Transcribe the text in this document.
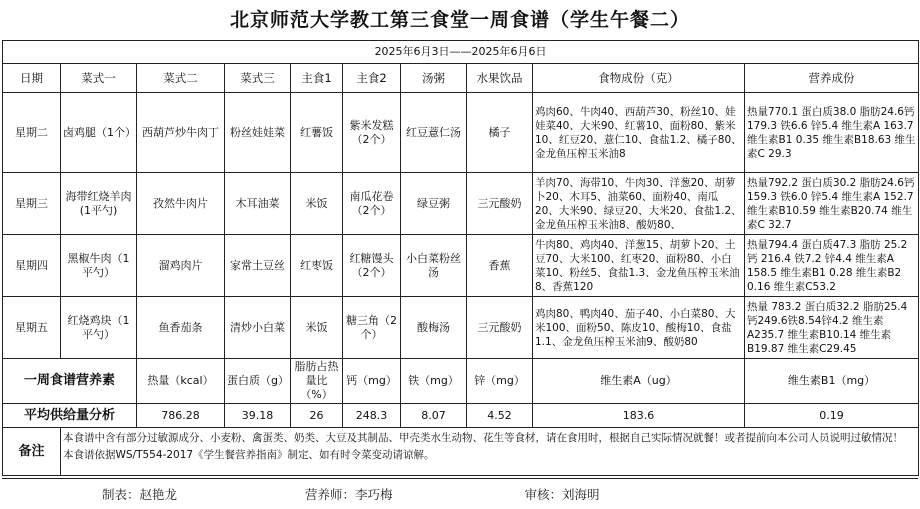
北京师范大学教工第三食堂一周食谱（学生午餐二）
2025年6月3日——2025年6月6日									
日期	菜式一	菜式二	菜式三	主食1	主食2	汤粥	水果饮品	食物成份（克）	营养成份
星期二	卤鸡腿（1个）	西葫芦炒牛肉丁	粉丝娃娃菜	红薯饭	紫米发糕（2个）	红豆薏仁汤	橘子	鸡肉60、牛肉40、西葫芦30、粉丝10、娃娃菜40、大米90、红薯10、面粉80、紫米10、红豆20、薏仁10、食盐1.2、橘子80、金龙鱼压榨玉米油8	热量770.1 蛋白质38.0 脂肪24.6钙179.3 铁6.6 锌5.4 维生素A 163.7 维生素B1 0.35 维生素B18.63 维生素C 29.3
星期三	海带红烧羊肉(1平勺)	孜然牛肉片	木耳油菜	米饭	南瓜花卷（2个）	绿豆粥	三元酸奶	羊肉70、海带10、牛肉30、洋葱20、胡萝卜20、木耳5、油菜60、面粉40、南瓜20、大米90、绿豆20、大米20、食盐1.2、金龙鱼压榨玉米油8、酸奶80、	热量792.2 蛋白质30.2 脂肪24.6钙159.3 铁6.0 锌5.4 维生素A 152.7 维生素B10.59 维生素B20.74 维生素C 32.7
星期四	黑椒牛肉（1平勺）	溜鸡肉片	家常土豆丝	红枣饭	红糖馒头（2个）	小白菜粉丝汤	香蕉	牛肉80、鸡肉40、洋葱15、胡萝卜20、土豆70、大米100、红枣20、面粉80、小白菜10、粉丝5、食盐1.3、金龙鱼压榨玉米油8、香蕉120	热量794.4 蛋白质47.3 脂肪 25.2钙 216.4 铁7.2 锌4.4 维生素A 158.5 维生素B1 0.28 维生素B2 0.16 维生素C53.2
星期五	红烧鸡块（1平勺）	鱼香茄条	清炒小白菜	米饭	糖三角（2个）	酸梅汤	三元酸奶	鸡肉80、鸭肉40、茄子40、小白菜80、大米100、面粉50、陈皮10、酸梅10、食盐1.1、金龙鱼压榨玉米油9、酸奶80	热量 783.2 蛋白质32.2 脂肪25.4钙249.6铁8.54锌4.2 维生素A235.7 维生素B10.14 维生素B19.87 维生素C29.45
一周食谱营养素		热量（kcal）	蛋白质（g）	脂肪占热量比（%）	钙（mg）	铁（mg）	锌（mg）	维生素A（ug）	维生素B1（mg）
平均供给量分析		786.28	39.18	26	248.3	8.07	4.52	183.6	0.19
备注	本食谱中含有部分过敏源成分、小麦粉、禽蛋类、奶类、大豆及其制品、甲壳类水生动物、花生等食材，请在食用时，根据自己实际情况就餐！或者提前向本公司人员说明过敏情况！
本食谱依据WS/T554-2017《学生餐营养指南》制定、如有时令菜变动请谅解。								
制表：赵艳龙	营养师：李巧梅	审核：刘海明
